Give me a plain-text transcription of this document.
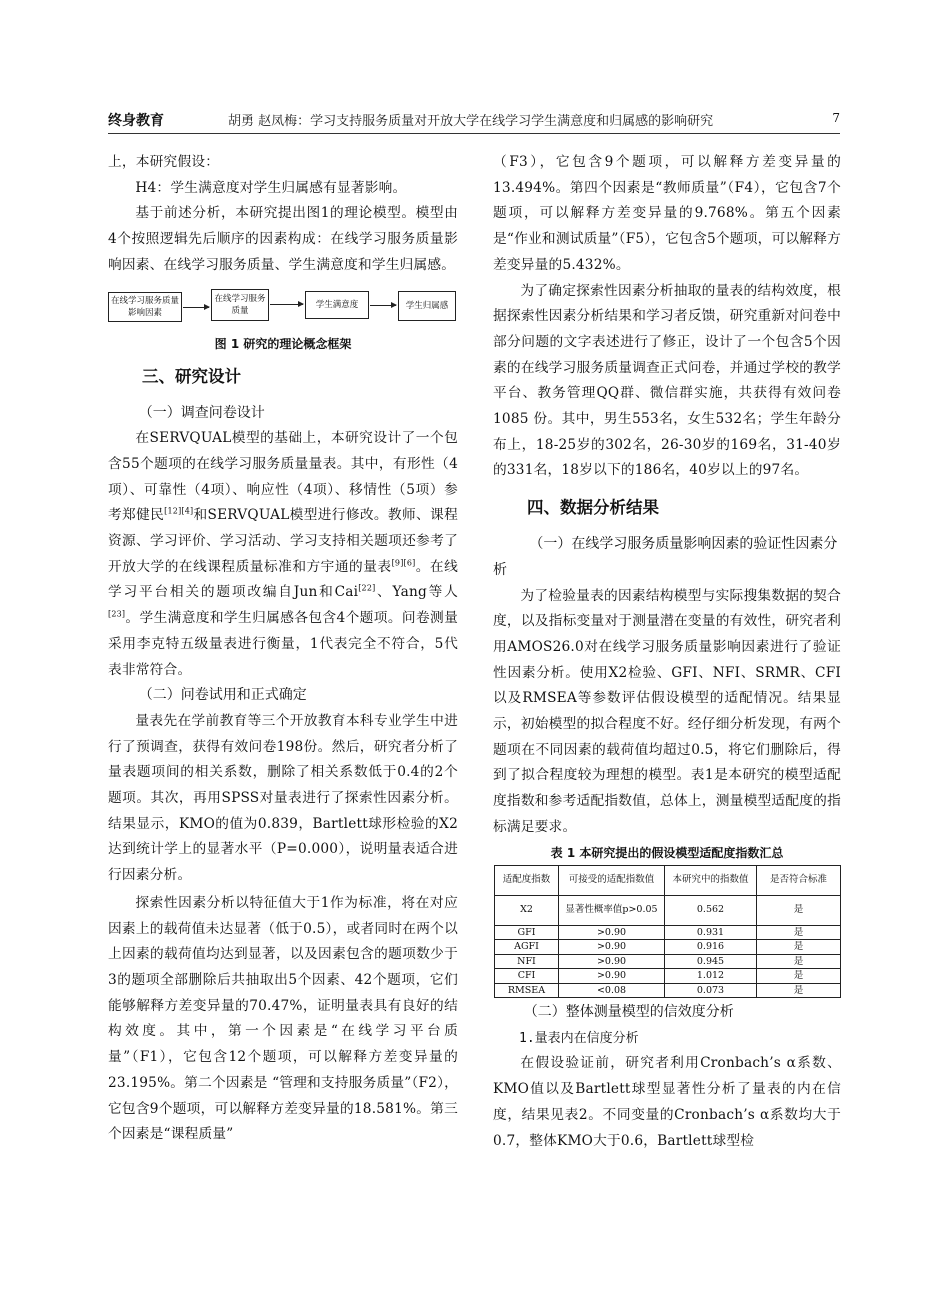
终身教育	胡勇 赵凤梅：学习支持服务质量对开放大学在线学习学生满意度和归属感的影响研究	7

上，本研究假设：

H4：学生满意度对学生归属感有显著影响。

基于前述分析，本研究提出图1的理论模型。模型由4个按照逻辑先后顺序的因素构成：在线学习服务质量影响因素、在线学习服务质量、学生满意度和学生归属感。

在线学习服务质量影响因素
在线学习服务质量
学生满意度	学生归属感
图 1 研究的理论概念框架
三、研究设计
（一）调查问卷设计

在SERVQUAL模型的基础上，本研究设计了一个包含55个题项的在线学习服务质量量表。其中，有形性（4项）、可靠性（4项）、响应性（4项）、移情性（5项）参考郑健民[12][4]和SERVQUAL模型进行修改。教师、课程资源、学习评价、学习活动、学习支持相关题项还参考了开放大学的在线课程质量标准和方宇通的量表[9][6]。在线学习平台相关的题项改编自Jun和Cai[22]、Yang等人[23]。学生满意度和学生归属感各包含4个题项。问卷测量采用李克特五级量表进行衡量，1代表完全不符合，5代表非常符合。

（二）问卷试用和正式确定

量表先在学前教育等三个开放教育本科专业学生中进行了预调查，获得有效问卷198份。然后，研究者分析了量表题项间的相关系数，删除了相关系数低于0.4的2个题项。其次，再用SPSS对量表进行了探索性因素分析。结果显示，KMO的值为0.839，Bartlett球形检验的X2达到统计学上的显著水平（P=0.000），说明量表适合进行因素分析。

探索性因素分析以特征值大于1作为标准，将在对应因素上的载荷值未达显著（低于0.5），或者同时在两个以上因素的载荷值均达到显著，以及因素包含的题项数少于3的题项全部删除后共抽取出5个因素、42个题项，它们能够解释方差变异量的70.47%，证明量表具有良好的结构效度。其中，第一个因素是“在线学习平台质量”（F1），它包含12个题项，可以解释方差变异量的23.195%。第二个因素是 “管理和支持服务质量”（F2），它包含9个题项，可以解释方差变异量的18.581%。第三个因素是“课程质量”

（F3），它包含9个题项，可以解释方差变异量的13.494%。第四个因素是“教师质量”（F4），它包含7个题项，可以解释方差变异量的9.768%。第五个因素是“作业和测试质量”（F5），它包含5个题项，可以解释方差变异量的5.432%。

为了确定探索性因素分析抽取的量表的结构效度，根据探索性因素分析结果和学习者反馈，研究重新对问卷中部分问题的文字表述进行了修正，设计了一个包含5个因素的在线学习服务质量调查正式问卷，并通过学校的教学平台、教务管理QQ群、微信群实施，共获得有效问卷 1085 份。其中，男生553名，女生532名；学生年龄分布上，18-25岁的302名，26-30岁的169名，31-40岁的331名，18岁以下的186名，40岁以上的97名。

四、数据分析结果
（一）在线学习服务质量影响因素的验证性因素分析

为了检验量表的因素结构模型与实际搜集数据的契合度，以及指标变量对于测量潜在变量的有效性，研究者利用AMOS26.0对在线学习服务质量影响因素进行了验证性因素分析。使用X2检验、GFI、NFI、SRMR、CFI以及RMSEA等参数评估假设模型的适配情况。结果显示，初始模型的拟合程度不好。经仔细分析发现，有两个题项在不同因素的载荷值均超过0.5，将它们删除后，得到了拟合程度较为理想的模型。表1是本研究的模型适配度指数和参考适配指数值，总体上，测量模型适配度的指标满足要求。

表 1 本研究提出的假设模型适配度指数汇总
适配度指数	可接受的适配指数值	本研究中的指数值	是否符合标准
X2	显著性概率值p>0.05	0.562	是
GFI	>0.90	0.931	是
AGFI	>0.90	0.916	是
NFI	>0.90	0.945	是
CFI	>0.90	1.012	是
RMSEA	<0.08	0.073	是
（二）整体测量模型的信效度分析
1.量表内在信度分析

在假设验证前，研究者利用Cronbach’s α系数、KMO值以及Bartlett球型显著性分析了量表的内在信度，结果见表2。不同变量的Cronbach’s α系数均大于0.7，整体KMO大于0.6，Bartlett球型检
